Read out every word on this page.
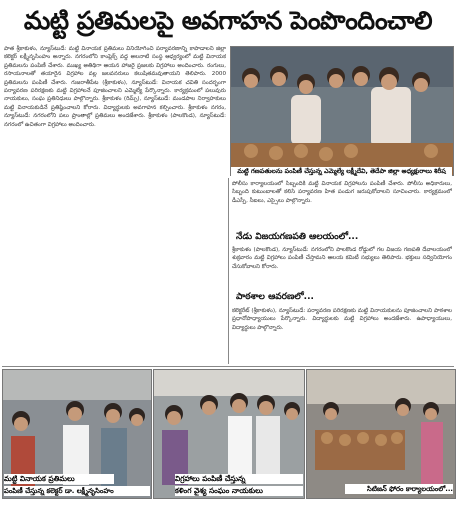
మట్టి ప్రతిమలపై అవగాహన పెంపొందించాలి
పాత శ్రీకాకుళం, న్యూస్‌టుడే: మట్టి వినాయక ప్రతిమలు వినియోగించి పర్యావరణాన్ని కాపాడాలని జిల్లా కలెక్టర్ లక్ష్మీనృసింహం అన్నారు. నగరంలోని కాంప్లెక్స్ వద్ద అలనాటి సంస్థ ఆధ్వర్యంలో మట్టి వినాయక ప్రతిమలను పంపిణీ చేశారు. ముఖ్య అతిథిగా ఆయన హాజరై ప్రజలకు విగ్రహాలు అందించారు. రంగులు, రసాయనాలతో తయారైన విగ్రహాల వల్ల జలవనరులు కలుషితమవుతాయని తెలిపారు. 2000 ప్రతిమలను పంపిణీ చేశారు. గుజరాతీపేట (శ్రీకాకుళం), న్యూస్‌టుడే: వినాయక చవితి సందర్భంగా పర్యావరణ పరిరక్షణకు మట్టి విగ్రహాలనే పూజించాలని ఎమ్మెల్యే పేర్కొన్నారు. కార్యక్రమంలో పలువురు నాయకులు, సంఘ ప్రతినిధులు పాల్గొన్నారు. శ్రీకాకుళం (రిమ్స్), న్యూస్‌టుడే: మండపాల నిర్వాహకులు మట్టి వినాయకుడినే ప్రతిష్ఠించాలని కోరారు. విద్యార్థులకు అవగాహన కల్పించారు. శ్రీకాకుళం నగరం, న్యూస్‌టుడే: నగరంలోని పలు ప్రాంతాల్లో ప్రతిమలు అందజేశారు. శ్రీకాకుళం (పాలకొండ), న్యూస్‌టుడే: నగరంలో ఉచితంగా విగ్రహాలు అందించారు.
మట్టి గణపతులను పంపిణీ చేస్తున్న ఎమ్మెల్యే లక్ష్మీదేవి, తెదేపా జిల్లా అధ్యక్షురాలు శిరీష
పోలీసు కార్యాలయంలో సిబ్బందికి మట్టి వినాయక విగ్రహాలను పంపిణీ చేశారు. పోలీసు అధికారులు, సిబ్బంది కుటుంబాలతో కలిసి పర్యావరణ హిత పండుగ జరుపుకోవాలని సూచించారు. కార్యక్రమంలో డీఎస్పీ, సీఐలు, ఎస్సైలు పాల్గొన్నారు.
నేడు విజయగణపతి ఆలయంలో...
శ్రీకాకుళం (పాలకొండ), న్యూస్‌టుడే: నగరంలోని పాలకొండ రోడ్డులో గల విజయ గణపతి దేవాలయంలో శుక్రవారం మట్టి విగ్రహాలు పంపిణీ చేస్తామని ఆలయ కమిటీ సభ్యులు తెలిపారు. భక్తులు సద్వినియోగం చేసుకోవాలని కోరారు.
పాఠశాల ఆవరణలో...
కలెక్టరేట్ (శ్రీకాకుళం), న్యూస్‌టుడే: పర్యావరణ పరిరక్షణకు మట్టి వినాయకులను పూజించాలని పాఠశాల ప్రధానోపాధ్యాయులు పేర్కొన్నారు. విద్యార్థులకు మట్టి విగ్రహాలు అందజేశారు. ఉపాధ్యాయులు, విద్యార్థులు పాల్గొన్నారు.
మట్టి వినాయక ప్రతిమలు
పంపిణీ చేస్తున్న కలెక్టర్ డా. లక్ష్మీనృసింహం
విగ్రహాలు పంపిణీ చేస్తున్న
కళింగ వైశ్య సంఘం నాయకులు	సిటిజన్ ఫోరం కార్యాలయంలో...
